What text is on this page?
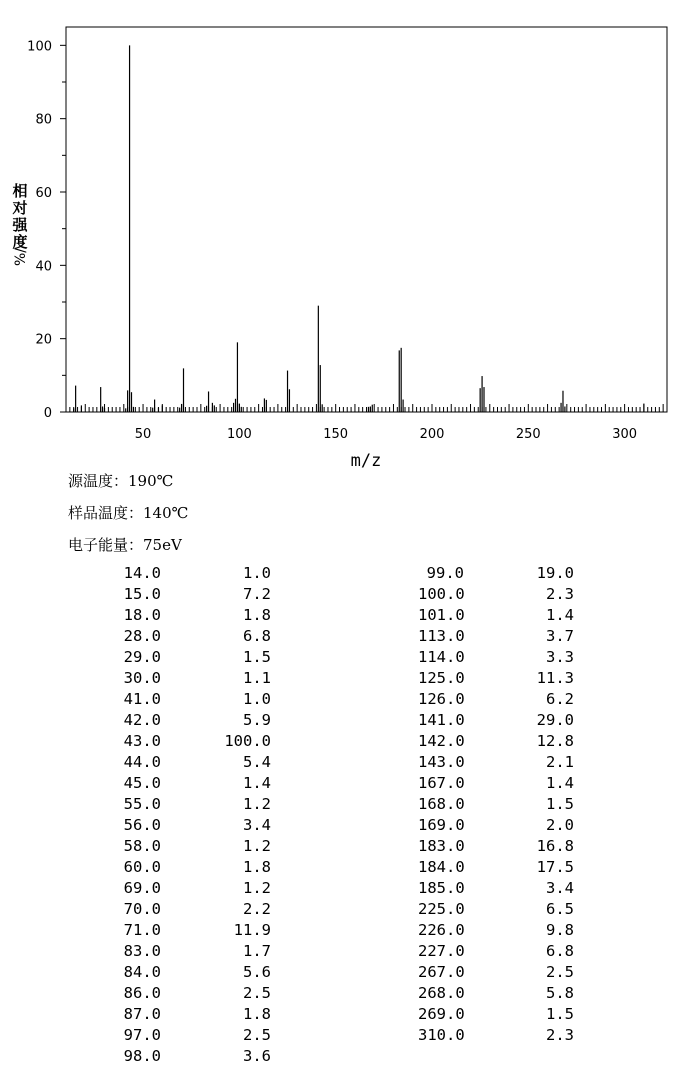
0
20
40
60
80
100
50	100	150	200	250	300
m/z
相
对
强
度
%/
源温度：190℃
样品温度：140℃
电子能量：75eV
14.0	1.0
15.0	7.2
18.0	1.8
28.0	6.8
29.0	1.5
30.0	1.1
41.0	1.0
42.0	5.9
43.0	100.0
44.0	5.4
45.0	1.4
55.0	1.2
56.0	3.4
58.0	1.2
60.0	1.8
69.0	1.2
70.0	2.2
71.0	11.9
83.0	1.7
84.0	5.6
86.0	2.5
87.0	1.8
97.0	2.5
98.0	3.6
99.0	19.0
100.0	2.3
101.0	1.4
113.0	3.7
114.0	3.3
125.0	11.3
126.0	6.2
141.0	29.0
142.0	12.8
143.0	2.1
167.0	1.4
168.0	1.5
169.0	2.0
183.0	16.8
184.0	17.5
185.0	3.4
225.0	6.5
226.0	9.8
227.0	6.8
267.0	2.5
268.0	5.8
269.0	1.5
310.0	2.3
